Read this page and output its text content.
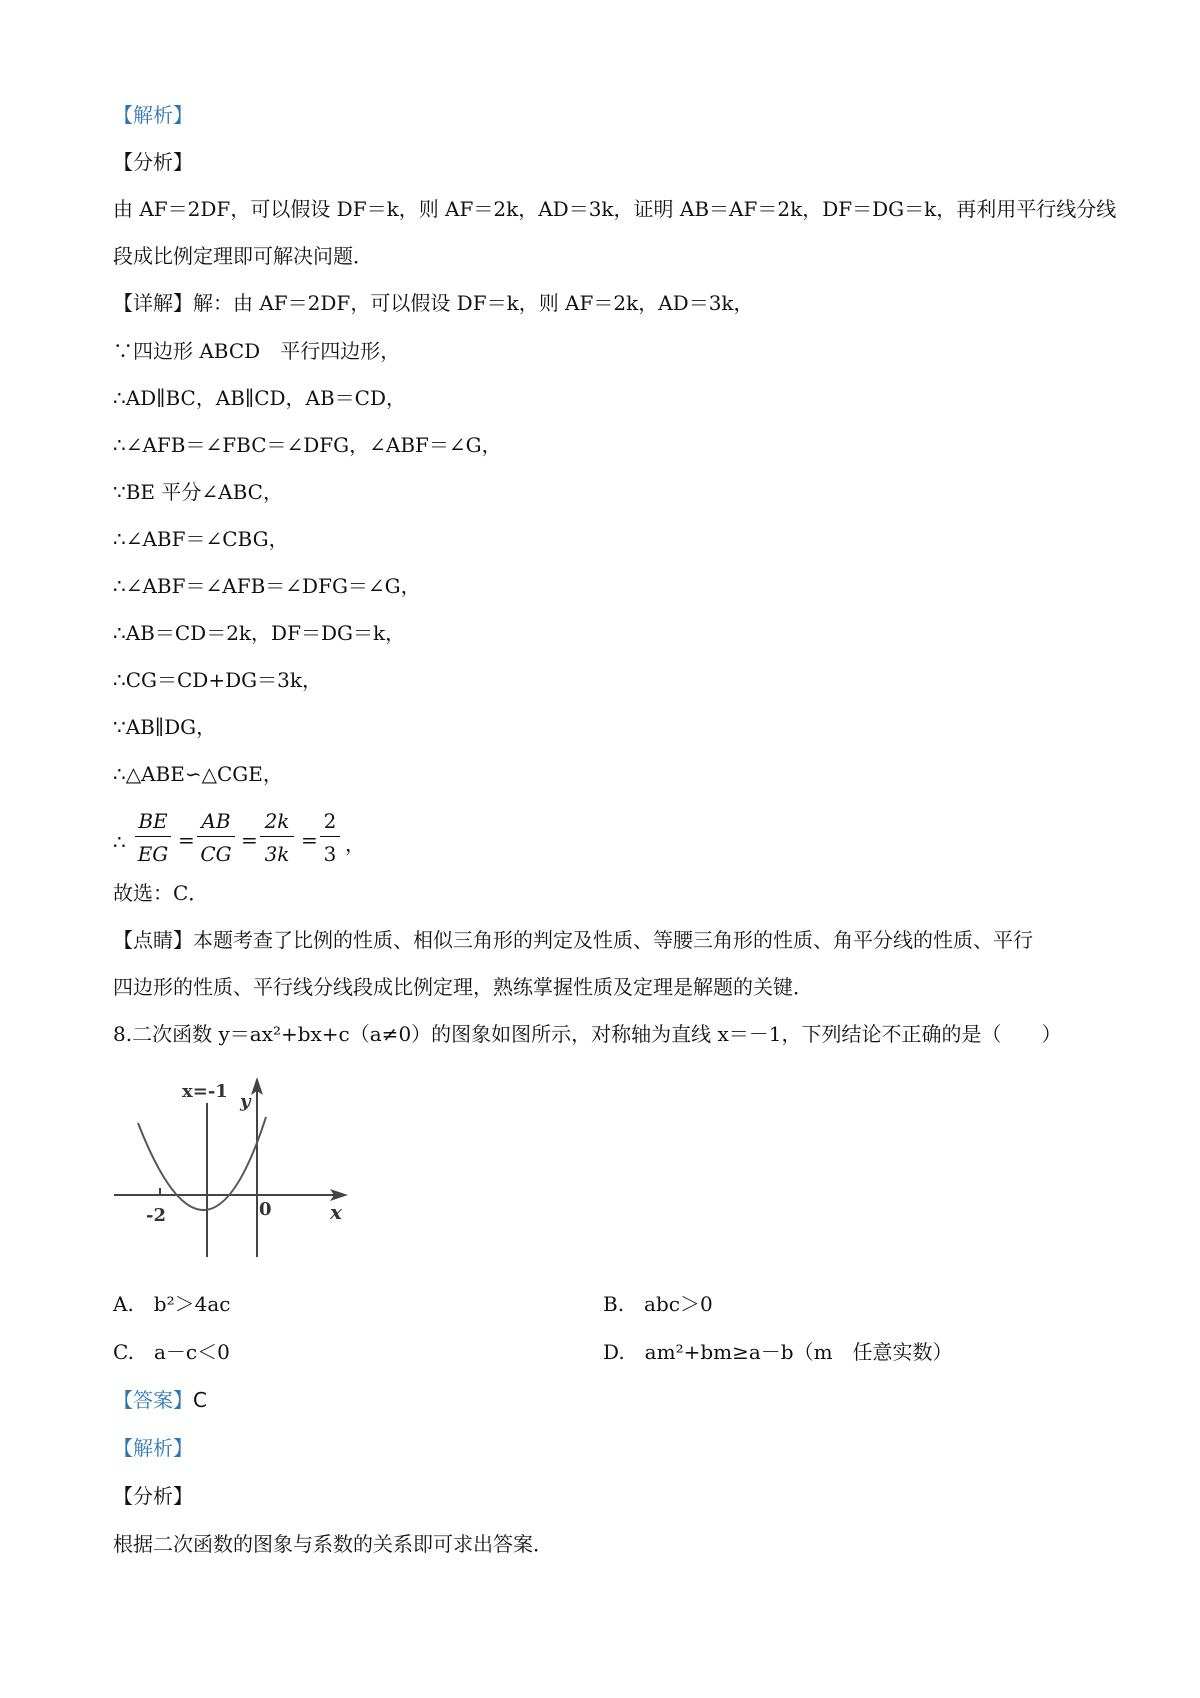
【解析】
【分析】
由 AF＝2DF，可以假设 DF＝k，则 AF＝2k，AD＝3k，证明 AB＝AF＝2k，DF＝DG＝k，再利用平行线分线
段成比例定理即可解决问题．
【详解】解：由 AF＝2DF，可以假设 DF＝k，则 AF＝2k，AD＝3k，
∵四边形 ABCD　平行四边形，
∴AD∥BC，AB∥CD，AB＝CD，
∴∠AFB＝∠FBC＝∠DFG，∠ABF＝∠G，
∵BE 平分∠ABC，
∴∠ABF＝∠CBG，
∴∠ABF＝∠AFB＝∠DFG＝∠G，
∴AB＝CD＝2k，DF＝DG＝k，
∴CG＝CD+DG＝3k，
∵AB∥DG，
∴△ABE∽△CGE，
∴
BE
EG
=
AB
CG
=
2k
3k
=
2
3 ，
故选：C．
【点睛】本题考查了比例的性质、相似三角形的判定及性质、等腰三角形的性质、角平分线的性质、平行
四边形的性质、平行线分线段成比例定理，熟练掌握性质及定理是解题的关键．
8.二次函数 y＝ax²+bx+c（a≠0）的图象如图所示，对称轴为直线 x＝－1，下列结论不正确的是（　　）
x=-1 y
x
-2	0
A.　b²＞4ac	B.　abc＞0
C.　a－c＜0	D.　am²+bm≥a－b（m　任意实数）
【答案】C
【解析】
【分析】
根据二次函数的图象与系数的关系即可求出答案．
